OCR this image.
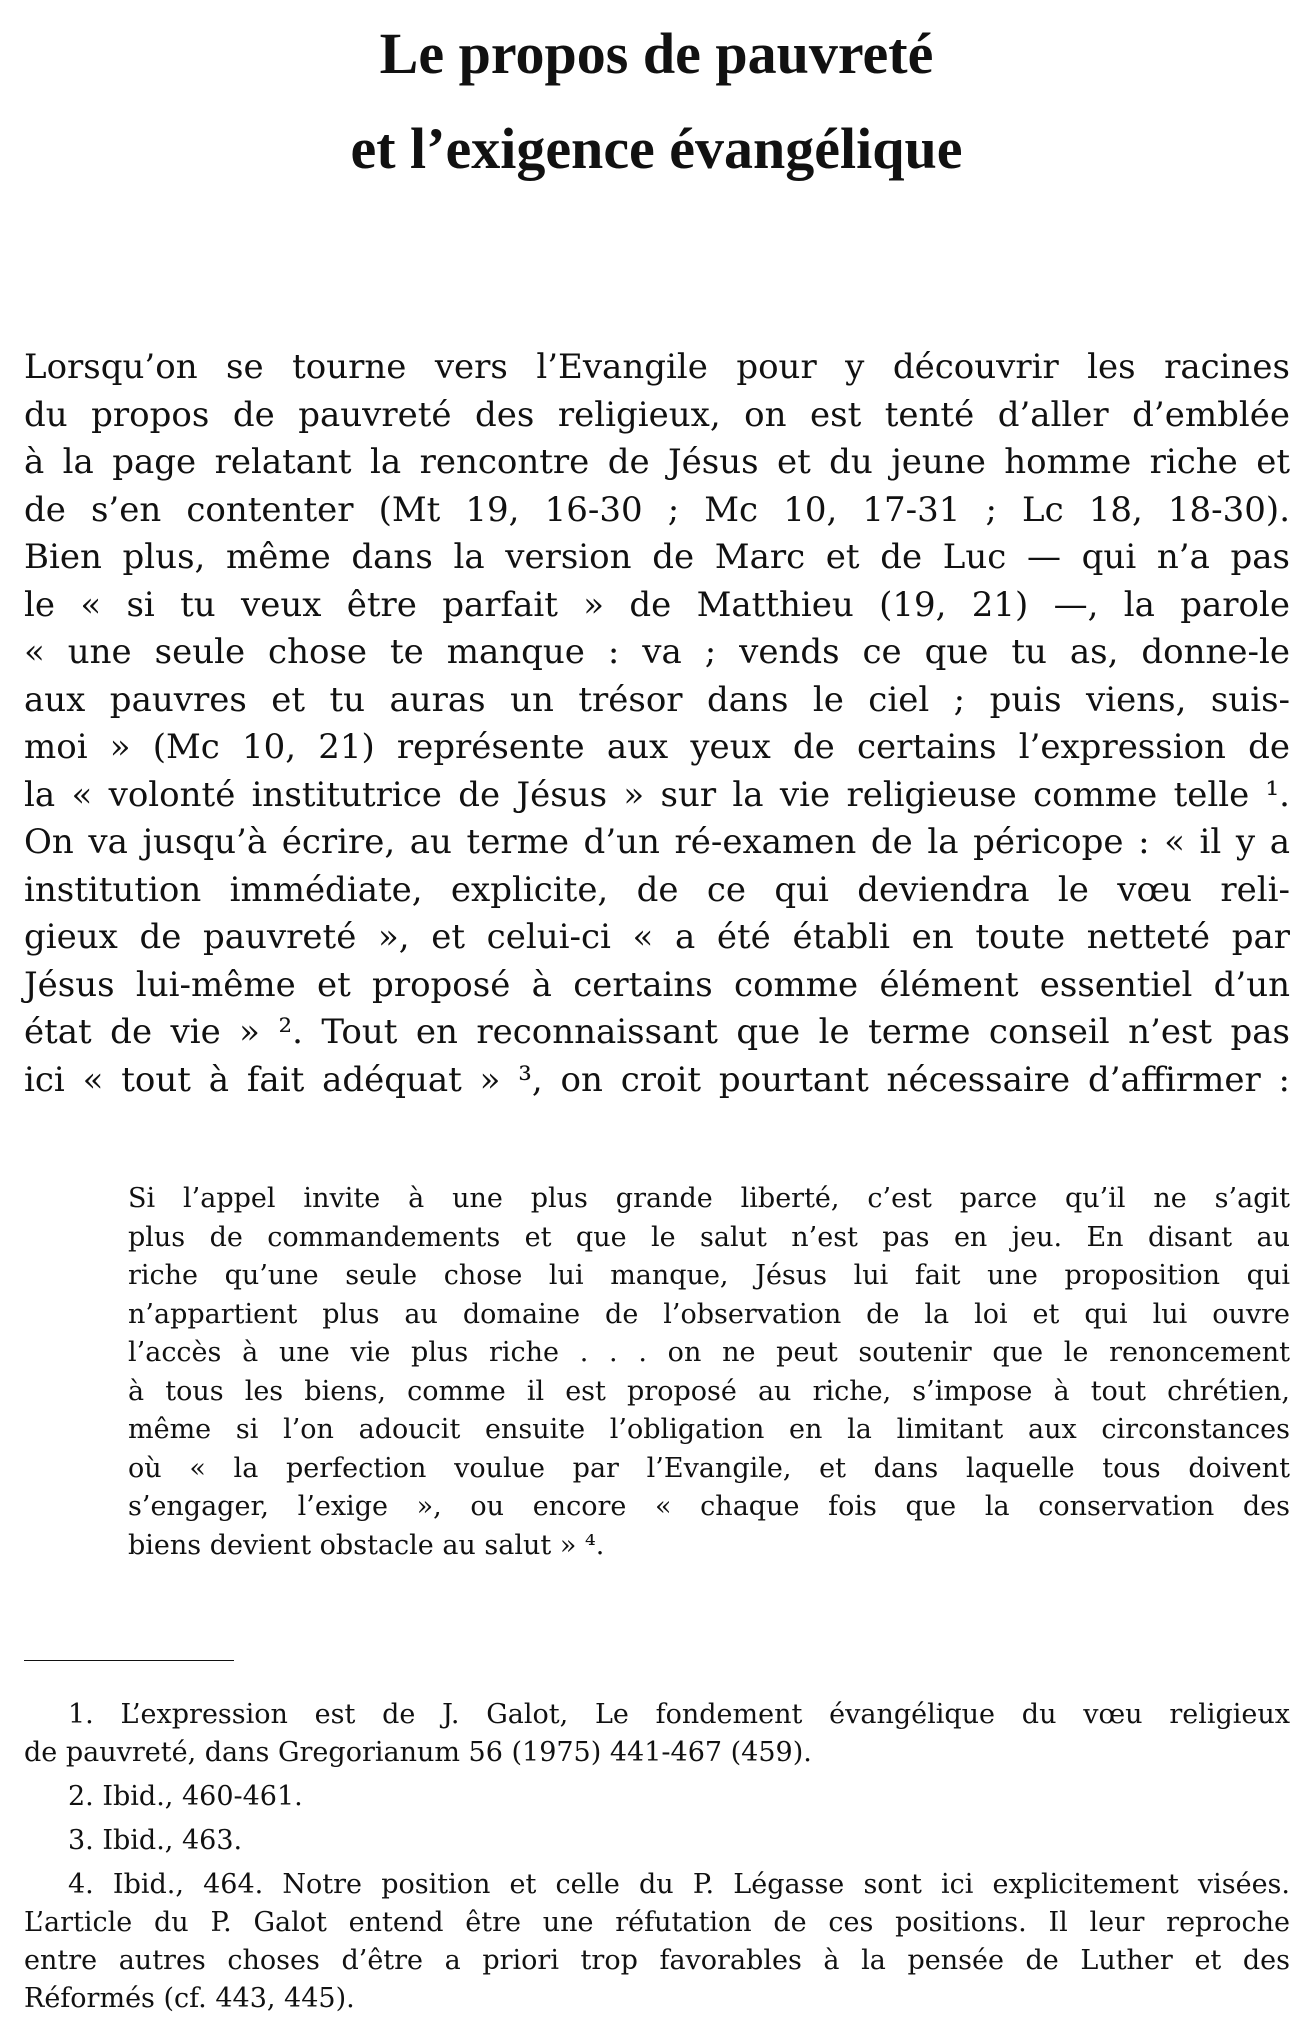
Le propos de pauvreté
et l’exigence évangélique
Lorsqu’on se tourne vers l’Evangile pour y découvrir les racines
du propos de pauvreté des religieux, on est tenté d’aller d’emblée
à la page relatant la rencontre de Jésus et du jeune homme riche et
de s’en contenter (Mt 19, 16-30 ; Mc 10, 17-31 ; Lc 18, 18-30).
Bien plus, même dans la version de Marc et de Luc — qui n’a pas
le « si tu veux être parfait » de Matthieu (19, 21) —, la parole
« une seule chose te manque : va ; vends ce que tu as, donne-le
aux pauvres et tu auras un trésor dans le ciel ; puis viens, suis-
moi » (Mc 10, 21) représente aux yeux de certains l’expression de
la « volonté institutrice de Jésus » sur la vie religieuse comme telle ¹.
On va jusqu’à écrire, au terme d’un ré-examen de la péricope : « il y a
institution immédiate, explicite, de ce qui deviendra le vœu reli-
gieux de pauvreté », et celui-ci « a été établi en toute netteté par
Jésus lui-même et proposé à certains comme élément essentiel d’un
état de vie » ². Tout en reconnaissant que le terme conseil n’est pas
ici « tout à fait adéquat » ³, on croit pourtant nécessaire d’affirmer :
Si l’appel invite à une plus grande liberté, c’est parce qu’il ne s’agit
plus de commandements et que le salut n’est pas en jeu. En disant au
riche qu’une seule chose lui manque, Jésus lui fait une proposition qui
n’appartient plus au domaine de l’observation de la loi et qui lui ouvre
l’accès à une vie plus riche . . . on ne peut soutenir que le renoncement
à tous les biens, comme il est proposé au riche, s’impose à tout chrétien,
même si l’on adoucit ensuite l’obligation en la limitant aux circonstances
où « la perfection voulue par l’Evangile, et dans laquelle tous doivent
s’engager, l’exige », ou encore « chaque fois que la conservation des
biens devient obstacle au salut » ⁴.
1. L’expression est de J. Galot, Le fondement évangélique du vœu religieux
de pauvreté, dans Gregorianum 56 (1975) 441-467 (459).
2. Ibid., 460-461.
3. Ibid., 463.
4. Ibid., 464. Notre position et celle du P. Légasse sont ici explicitement visées.
L’article du P. Galot entend être une réfutation de ces positions. Il leur reproche
entre autres choses d’être a priori trop favorables à la pensée de Luther et des
Réformés (cf. 443, 445).
